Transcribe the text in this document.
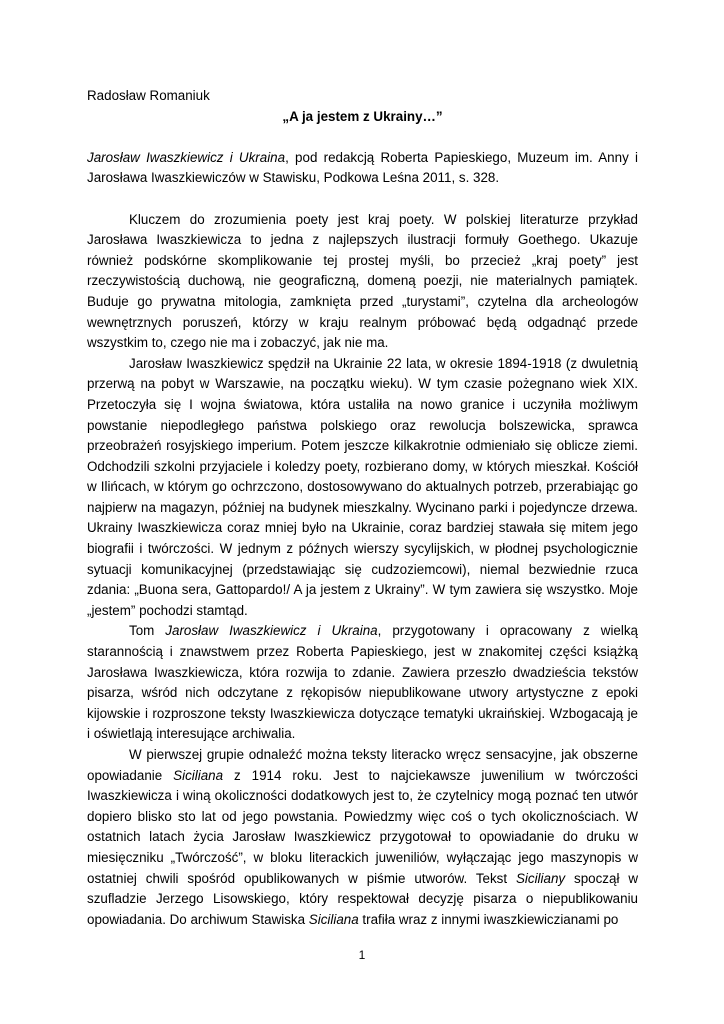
Radosław Romaniuk

„A ja jestem z Ukrainy…”

Jarosław Iwaszkiewicz i Ukraina, pod redakcją Roberta Papieskiego, Muzeum im. Anny i Jarosława Iwaszkiewiczów w Stawisku, Podkowa Leśna 2011, s. 328.

Kluczem do zrozumienia poety jest kraj poety. W polskiej literaturze przykład Jarosława Iwaszkiewicza to jedna z najlepszych ilustracji formuły Goethego. Ukazuje również podskórne skomplikowanie tej prostej myśli, bo przecież „kraj poety” jest rzeczywistością duchową, nie geograficzną, domeną poezji, nie materialnych pamiątek. Buduje go prywatna mitologia, zamknięta przed „turystami”, czytelna dla archeologów wewnętrznych poruszeń, którzy w kraju realnym próbować będą odgadnąć przede wszystkim to, czego nie ma i zobaczyć, jak nie ma.

Jarosław Iwaszkiewicz spędził na Ukrainie 22 lata, w okresie 1894-1918 (z dwuletnią przerwą na pobyt w Warszawie, na początku wieku). W tym czasie pożegnano wiek XIX. Przetoczyła się I wojna światowa, która ustaliła na nowo granice i uczyniła możliwym powstanie niepodległego państwa polskiego oraz rewolucja bolszewicka, sprawca przeobrażeń rosyjskiego imperium. Potem jeszcze kilkakrotnie odmieniało się oblicze ziemi. Odchodzili szkolni przyjaciele i koledzy poety, rozbierano domy, w których mieszkał. Kościół w Ilińcach, w którym go ochrzczono, dostosowywano do aktualnych potrzeb, przerabiając go najpierw na magazyn, później na budynek mieszkalny. Wycinano parki i pojedyncze drzewa. Ukrainy Iwaszkiewicza coraz mniej było na Ukrainie, coraz bardziej stawała się mitem jego biografii i twórczości. W jednym z późnych wierszy sycylijskich, w płodnej psychologicznie sytuacji komunikacyjnej (przedstawiając się cudzoziemcowi), niemal bezwiednie rzuca zdania: „Buona sera, Gattopardo!/ A ja jestem z Ukrainy”. W tym zawiera się wszystko. Moje „jestem” pochodzi stamtąd.

Tom Jarosław Iwaszkiewicz i Ukraina, przygotowany i opracowany z wielką starannością i znawstwem przez Roberta Papieskiego, jest w znakomitej części książką Jarosława Iwaszkiewicza, która rozwija to zdanie. Zawiera przeszło dwadzieścia tekstów pisarza, wśród nich odczytane z rękopisów niepublikowane utwory artystyczne z epoki kijowskie i rozproszone teksty Iwaszkiewicza dotyczące tematyki ukraińskiej. Wzbogacają je i oświetlają interesujące archiwalia.

W pierwszej grupie odnaleźć można teksty literacko wręcz sensacyjne, jak obszerne opowiadanie Siciliana z 1914 roku. Jest to najciekawsze juwenilium w twórczości Iwaszkiewicza i winą okoliczności dodatkowych jest to, że czytelnicy mogą poznać ten utwór dopiero blisko sto lat od jego powstania. Powiedzmy więc coś o tych okolicznościach. W ostatnich latach życia Jarosław Iwaszkiewicz przygotował to opowiadanie do druku w miesięczniku „Twórczość”, w bloku literackich juweniliów, wyłączając jego maszynopis w ostatniej chwili spośród opublikowanych w piśmie utworów. Tekst Siciliany spoczął w szufladzie Jerzego Lisowskiego, który respektował decyzję pisarza o niepublikowaniu opowiadania. Do archiwum Stawiska Siciliana trafiła wraz z innymi iwaszkiewiczianami po

1
